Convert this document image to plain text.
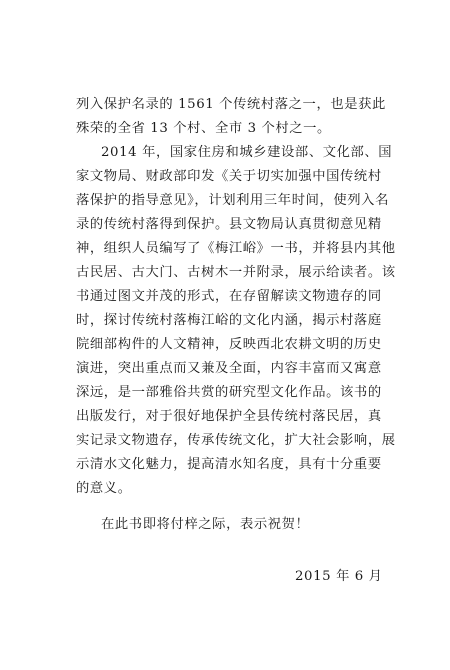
列入保护名录的 1561 个传统村落之一，也是获此
殊荣的全省 13 个村、全市 3 个村之一。
2014 年，国家住房和城乡建设部、文化部、国
家文物局、财政部印发《关于切实加强中国传统村
落保护的指导意见》，计划利用三年时间，使列入名
录的传统村落得到保护。县文物局认真贯彻意见精
神，组织人员编写了《梅江峪》一书，并将县内其他
古民居、古大门、古树木一并附录，展示给读者。该
书通过图文并茂的形式，在存留解读文物遗存的同
时，探讨传统村落梅江峪的文化内涵，揭示村落庭
院细部构件的人文精神，反映西北农耕文明的历史
演进，突出重点而又兼及全面，内容丰富而又寓意
深远，是一部雅俗共赏的研究型文化作品。该书的
出版发行，对于很好地保护全县传统村落民居，真
实记录文物遗存，传承传统文化，扩大社会影响，展
示清水文化魅力，提高清水知名度，具有十分重要
的意义。
在此书即将付梓之际，表示祝贺！
2015 年 6 月
